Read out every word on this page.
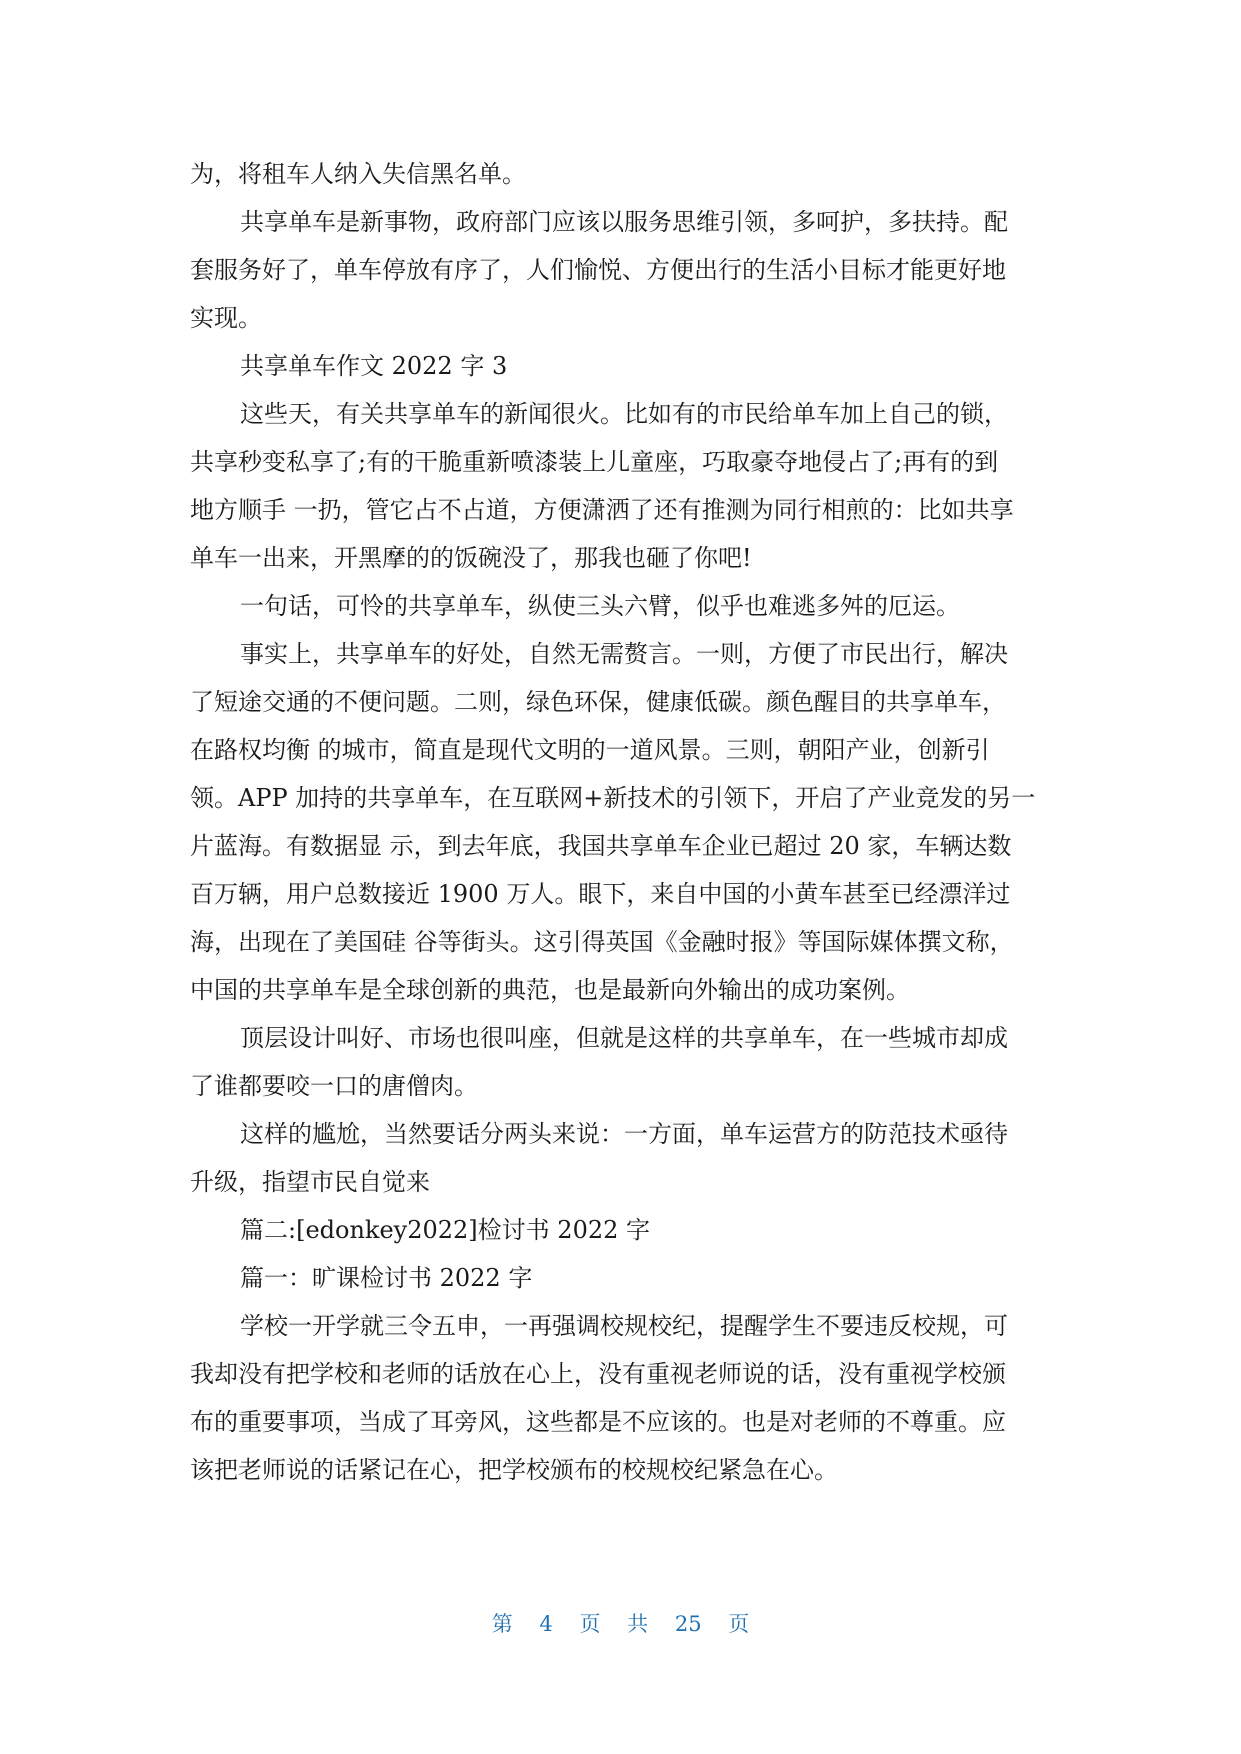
为，将租车人纳入失信黑名单。
共享单车是新事物，政府部门应该以服务思维引领，多呵护，多扶持。配
套服务好了，单车停放有序了，人们愉悦、方便出行的生活小目标才能更好地
实现。
共享单车作文 2022 字 3
这些天，有关共享单车的新闻很火。比如有的市民给单车加上自己的锁，
共享秒变私享了;有的干脆重新喷漆装上儿童座，巧取豪夺地侵占了;再有的到
地方顺手 一扔，管它占不占道，方便潇洒了还有推测为同行相煎的：比如共享
单车一出来，开黑摩的的饭碗没了，那我也砸了你吧!
一句话，可怜的共享单车，纵使三头六臂，似乎也难逃多舛的厄运。
事实上，共享单车的好处，自然无需赘言。一则，方便了市民出行，解决
了短途交通的不便问题。二则，绿色环保，健康低碳。颜色醒目的共享单车，
在路权均衡 的城市，简直是现代文明的一道风景。三则，朝阳产业，创新引
领。APP 加持的共享单车，在互联网+新技术的引领下，开启了产业竞发的另一
片蓝海。有数据显 示，到去年底，我国共享单车企业已超过 20 家，车辆达数
百万辆，用户总数接近 1900 万人。眼下，来自中国的小黄车甚至已经漂洋过
海，出现在了美国硅 谷等街头。这引得英国《金融时报》等国际媒体撰文称，
中国的共享单车是全球创新的典范，也是最新向外输出的成功案例。
顶层设计叫好、市场也很叫座，但就是这样的共享单车，在一些城市却成
了谁都要咬一口的唐僧肉。
这样的尴尬，当然要话分两头来说：一方面，单车运营方的防范技术亟待
升级，指望市民自觉来
篇二:[edonkey2022]检讨书 2022 字
篇一：旷课检讨书 2022 字
学校一开学就三令五申，一再强调校规校纪，提醒学生不要违反校规，可
我却没有把学校和老师的话放在心上，没有重视老师说的话，没有重视学校颁
布的重要事项，当成了耳旁风，这些都是不应该的。也是对老师的不尊重。应
该把老师说的话紧记在心，把学校颁布的校规校纪紧急在心。
第 4 页 共 25 页
